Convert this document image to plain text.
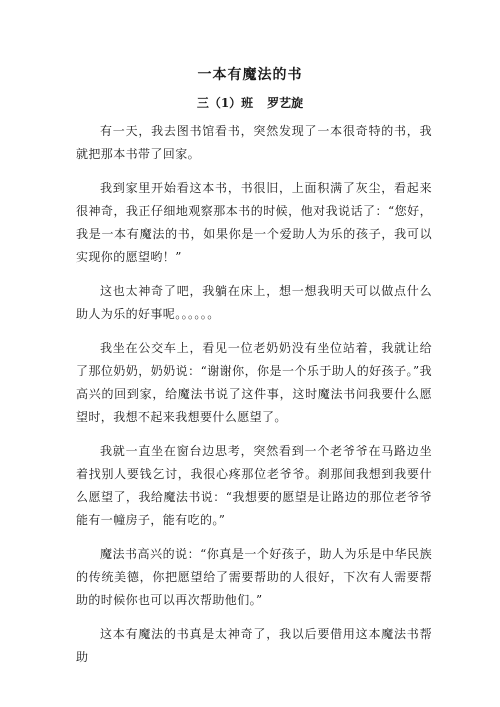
一本有魔法的书
三（1）班 罗艺旋

有一天，我去图书馆看书，突然发现了一本很奇特的书，我就把那本书带了回家。

我到家里开始看这本书，书很旧，上面积满了灰尘，看起来很神奇，我正仔细地观察那本书的时候，他对我说话了：“您好，我是一本有魔法的书，如果你是一个爱助人为乐的孩子，我可以实现你的愿望哟！”

这也太神奇了吧，我躺在床上，想一想我明天可以做点什么助人为乐的好事呢。。。。。。

我坐在公交车上，看见一位老奶奶没有坐位站着，我就让给了那位奶奶，奶奶说：“谢谢你，你是一个乐于助人的好孩子。”我高兴的回到家，给魔法书说了这件事，这时魔法书问我要什么愿望时，我想不起来我想要什么愿望了。

我就一直坐在窗台边思考，突然看到一个老爷爷在马路边坐着找别人要钱乞讨，我很心疼那位老爷爷。刹那间我想到我要什么愿望了，我给魔法书说：“我想要的愿望是让路边的那位老爷爷能有一幢房子，能有吃的。”

魔法书高兴的说：“你真是一个好孩子，助人为乐是中华民族的传统美德，你把愿望给了需要帮助的人很好，下次有人需要帮助的时候你也可以再次帮助他们。”

这本有魔法的书真是太神奇了，我以后要借用这本魔法书帮助
